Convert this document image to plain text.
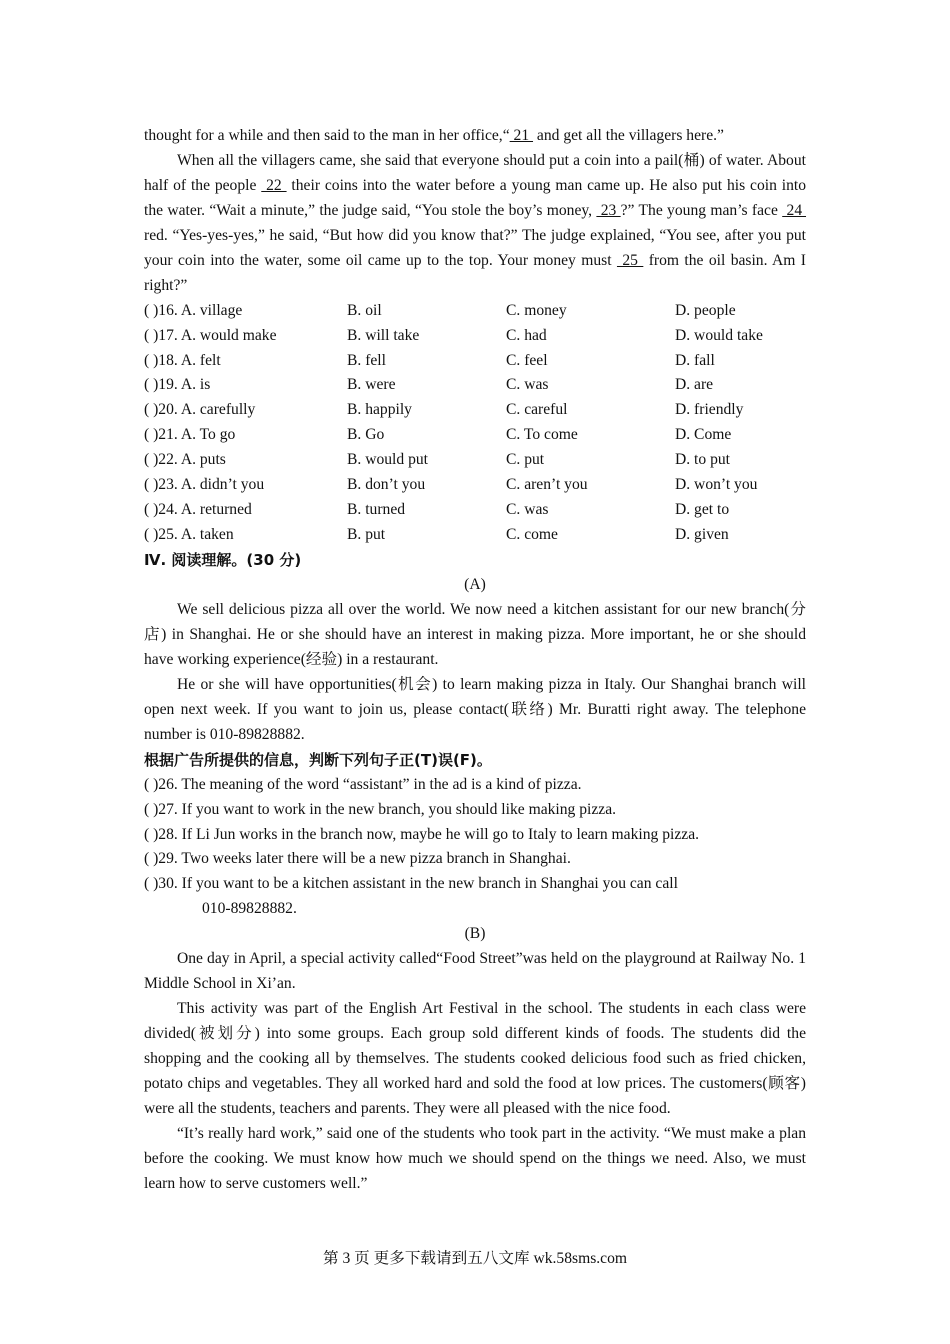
thought for a while and then said to the man in her office,“ 21  and get all the villagers here.”

When all the villagers came, she said that everyone should put a coin into a pail(桶) of water. About half of the people  22  their coins into the water before a young man came up. He also put his coin into the water. “Wait a minute,” the judge said, “You stole the boy’s money,  23 ?” The young man’s face  24  red. “Yes-yes-yes,” he said, “But how did you know that?” The judge explained, “You see, after you put your coin into the water, some oil came up to the top. Your money must  25  from the oil basin. Am I right?”

( )16. A. village	B. oil	C. money	D. people
( )17. A. would make	B. will take	C. had	D. would take
( )18. A. felt	B. fell	C. feel	D. fall
( )19. A. is	B. were	C. was	D. are
( )20. A. carefully	B. happily	C. careful	D. friendly
( )21. A. To go	B. Go	C. To come	D. Come
( )22. A. puts	B. would put	C. put	D. to put
( )23. A. didn’t you	B. don’t you	C. aren’t you	D. won’t you
( )24. A. returned	B. turned	C. was	D. get to
( )25. A. taken	B. put	C. come	D. given

Ⅳ. 阅读理解。(30 分)

(A)

We sell delicious pizza all over the world. We now need a kitchen assistant for our new branch(分店) in Shanghai. He or she should have an interest in making pizza. More important, he or she should have working experience(经验) in a restaurant.

He or she will have opportunities(机会) to learn making pizza in Italy. Our Shanghai branch will open next week. If you want to join us, please contact(联络) Mr. Buratti right away. The telephone number is 010-89828882.

根据广告所提供的信息，判断下列句子正(T)误(F)。

( )26. The meaning of the word “assistant” in the ad is a kind of pizza.

( )27. If you want to work in the new branch, you should like making pizza.

( )28. If Li Jun works in the branch now, maybe he will go to Italy to learn making pizza.

( )29. Two weeks later there will be a new pizza branch in Shanghai.

( )30. If you want to be a kitchen assistant in the new branch in Shanghai you can call

010-89828882.

(B)

One day in April, a special activity called“Food Street”was held on the playground at Railway No. 1 Middle School in Xi’an.

This activity was part of the English Art Festival in the school. The students in each class were divided(被划分) into some groups. Each group sold different kinds of foods. The students did the shopping and the cooking all by themselves. The students cooked delicious food such as fried chicken, potato chips and vegetables. They all worked hard and sold the food at low prices. The customers(顾客) were all the students, teachers and parents. They were all pleased with the nice food.

“It’s really hard work,” said one of the students who took part in the activity. “We must make a plan before the cooking. We must know how much we should spend on the things we need. Also, we must learn how to serve customers well.”

第 3 页 更多下载请到五八文库 wk.58sms.com
